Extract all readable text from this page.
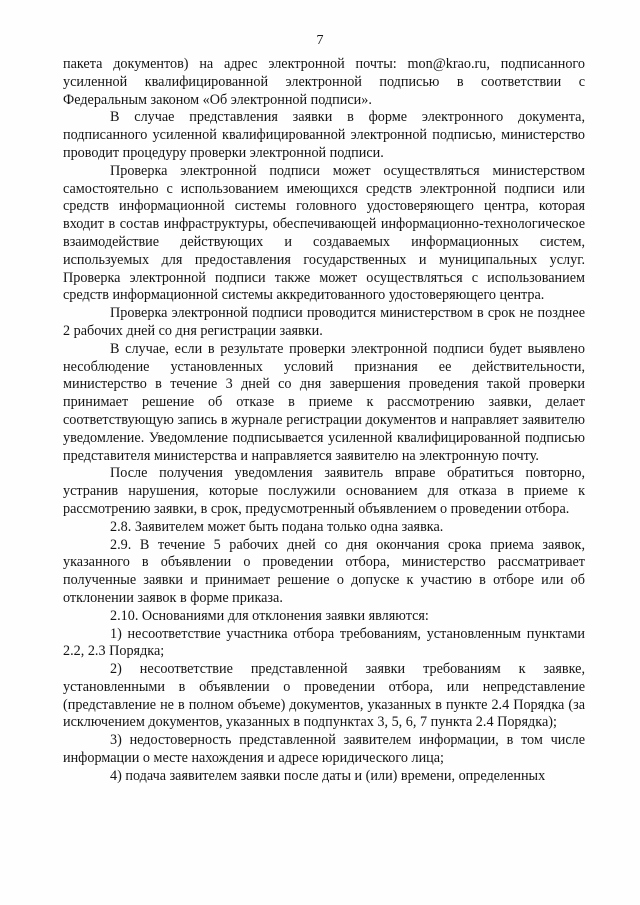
7

пакета документов) на адрес электронной почты: mon@krao.ru, подписанного усиленной квалифицированной электронной подписью в соответствии с Федеральным законом «Об электронной подписи».

В случае представления заявки в форме электронного документа, подписанного усиленной квалифицированной электронной подписью, министерство проводит процедуру проверки электронной подписи.

Проверка электронной подписи может осуществляться министерством самостоятельно с использованием имеющихся средств электронной подписи или средств информационной системы головного удостоверяющего центра, которая входит в состав инфраструктуры, обеспечивающей информационно-технологическое взаимодействие действующих и создаваемых информационных систем, используемых для предоставления государственных и муниципальных услуг. Проверка электронной подписи также может осуществляться с использованием средств информационной системы аккредитованного удостоверяющего центра.

Проверка электронной подписи проводится министерством в срок не позднее 2 рабочих дней со дня регистрации заявки.

В случае, если в результате проверки электронной подписи будет выявлено несоблюдение установленных условий признания ее действительности, министерство в течение 3 дней со дня завершения проведения такой проверки принимает решение об отказе в приеме к рассмотрению заявки, делает соответствующую запись в журнале регистрации документов и направляет заявителю уведомление. Уведомление подписывается усиленной квалифицированной подписью представителя министерства и направляется заявителю на электронную почту.

После получения уведомления заявитель вправе обратиться повторно, устранив нарушения, которые послужили основанием для отказа в приеме к рассмотрению заявки, в срок, предусмотренный объявлением о проведении отбора.

2.8. Заявителем может быть подана только одна заявка.

2.9. В течение 5 рабочих дней со дня окончания срока приема заявок, указанного в объявлении о проведении отбора, министерство рассматривает полученные заявки и принимает решение о допуске к участию в отборе или об отклонении заявок в форме приказа.

2.10. Основаниями для отклонения заявки являются:

1) несоответствие участника отбора требованиям, установленным пунктами 2.2, 2.3 Порядка;

2) несоответствие представленной заявки требованиям к заявке, установленными в объявлении о проведении отбора, или непредставление (представление не в полном объеме) документов, указанных в пункте 2.4 Порядка (за исключением документов, указанных в подпунктах 3, 5, 6, 7 пункта 2.4 Порядка);

3) недостоверность представленной заявителем информации, в том числе информации о месте нахождения и адресе юридического лица;

4) подача заявителем заявки после даты и (или) времени, определенных
